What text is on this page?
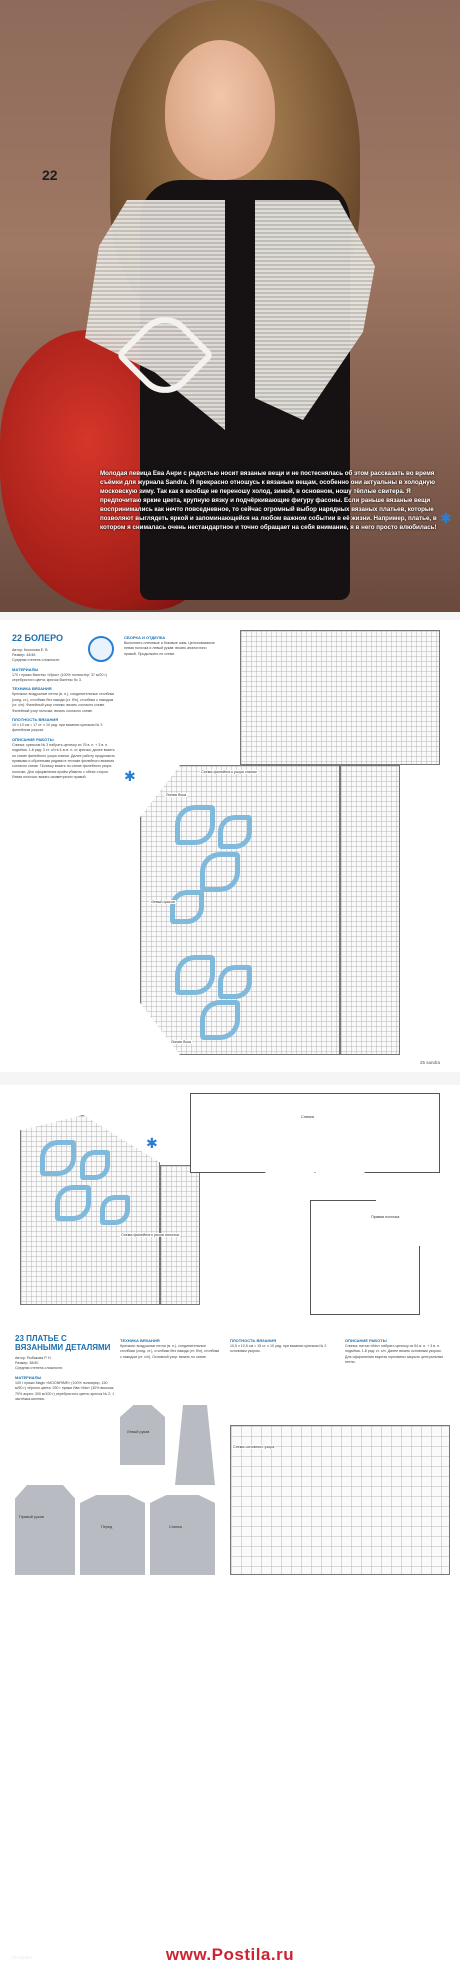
22
Молодая певица Ева Анри с радостью носит вязаные вещи и не постеснялась об этом рассказать во время съёмки для журнала Sandra. Я прекрасно отношусь к вязаным вещам, особенно они актуальны в холодную московскую зиму. Так как я вообще не переношу холод, зимой, в основном, ношу тёплые свитера. Я предпочитаю яркие цвета, крупную вязку и подчёркивающие фигуру фасоны. Если раньше вязаные вещи воспринимались как нечто повседневное, то сейчас огромный выбор нарядных вязаных платьев, которые позволяют выглядеть яркой и запоминающейся на любом важном событии в её жизни. Например, платье, в котором я снималась очень нестандартное и точно обращает на себя внимание, я в него просто влюбилась!
✱
22 БОЛЕРО
Автор: Кононова Е. В.
Размер: 44/46
Средняя степень сложности
МАТЕРИАЛЫ
170 г пряжи Валтекс «Ирис» (100% полиэстер; 37 м/20 г) серебристого цвета; крючок Валтекс № 3.
ТЕХНИКА ВЯЗАНИЯ
Крючком: воздушные петли (в. п.), соединительные столбики (соед. ст.), столбики без накида (ст. б/н), столбики с накидом (ст. с/н). Филейный узор спинки: вязать согласно схеме. Филейный узор полочки: вязать согласно схеме.
ПЛОТНОСТЬ ВЯЗАНИЯ
10 х 10 см = 17 ст. х 10 ряд. при вязании крючком № 3 филейным узором.
ОПИСАНИЕ РАБОТЫ
Спинка: крючком № 3 набрать цепочку из 76 в. п. + 3 в. п. подъёма. 1-й ряд: 3 ст. с/н в 4-ю в. п. от крючка, далее вязать по схеме филейного узора спинки. Далее работу продолжить прямыми и обратными рядами в технике филейного вязания согласно схеме. Полочку вязать по схеме филейного узора полочки. Для оформления пройм убавить с обеих сторон. Левая полочка: вязать симметрично правой.
СБОРКА И ОТДЕЛКА
Выполнить плечевые и боковые швы. Цельновязаные левая полочка и левый рукав: вязать аналогично правой. Продолжить по схеме.
✱	Схема филейного узора спинки
Линия бока
Левый фасон
Линия бока
25 sandra
Схема филейного узора полочки
✱
Спинка
Правая полочка
23 ПЛАТЬЕ С ВЯЗАНЫМИ ДЕТАЛЯМИ
Автор: Рыбакова Р. Н.
Размер: 38/40
Средняя степень сложности
МАТЕРИАЛЫ
100 г пряжи Magic «MOONRIME» (100% полиэфир, 150 м/50 г) чёрного цвета; 250 г пряжи Ива «Ibis» (30% вискоза, 70% акрил; 300 м/100 г) серебристого цвета; крючок № 2; 1 застёжка-молния.
ТЕХНИКА ВЯЗАНИЯ
Крючком: воздушные петли (в. п.), соединительные столбики (соед. ст.), столбики без накида (ст. б/н), столбики с накидом (ст. с/н). Основной узор: вязать по схеме.
ПЛОТНОСТЬ ВЯЗАНИЯ
10,5 х 10,5 см = 15 ст. х 10 ряд. при вязании крючком № 2 основным узором.
ОПИСАНИЕ РАБОТЫ
Спинка: нитью «Ibis» набрать цепочку из 54 в. п. + 3 в. п. подъёма. 1-й ряд: ст. с/н. Далее вязать основным узором. Для оформления выреза горловины закрыть центральные петли.
Левый рукав
Правый рукав
Перед	Спинка
Схема основного узора
www.Postila.ru
